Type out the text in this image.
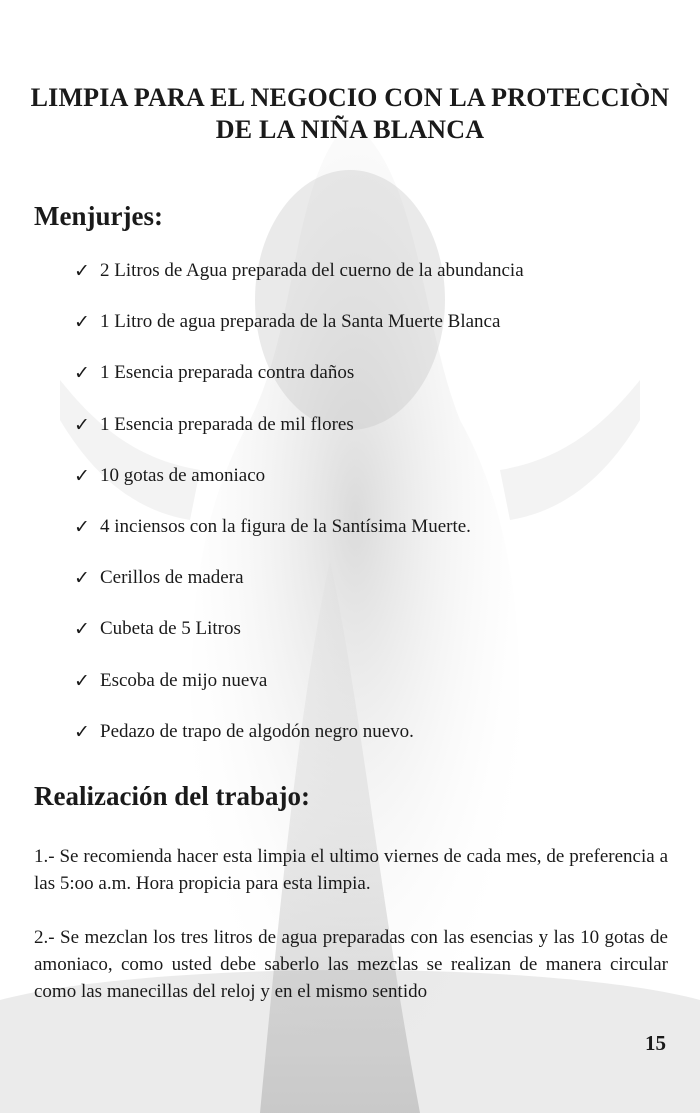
LIMPIA PARA EL NEGOCIO CON LA PROTECCIÒN
DE LA NIÑA BLANCA
Menjurjes:
✓ 2 Litros de Agua preparada del cuerno de la abundancia
✓ 1 Litro de agua preparada de la Santa Muerte Blanca
✓ 1 Esencia preparada contra daños
✓ 1 Esencia preparada de mil flores
✓ 10 gotas de amoniaco
✓ 4 inciensos con la figura de la Santísima Muerte.
✓ Cerillos de madera
✓ Cubeta de 5 Litros
✓ Escoba de mijo nueva
✓ Pedazo de trapo de algodón negro nuevo.
Realización del trabajo:

1.- Se recomienda hacer esta limpia el ultimo viernes de cada mes, de preferencia a las 5:oo a.m. Hora propicia para esta limpia.

2.- Se mezclan los tres litros de agua preparadas con las esencias y las 10 gotas de amoniaco, como usted debe saberlo las mezclas se realizan de manera circular como las manecillas del reloj y en el mismo sentido

15
